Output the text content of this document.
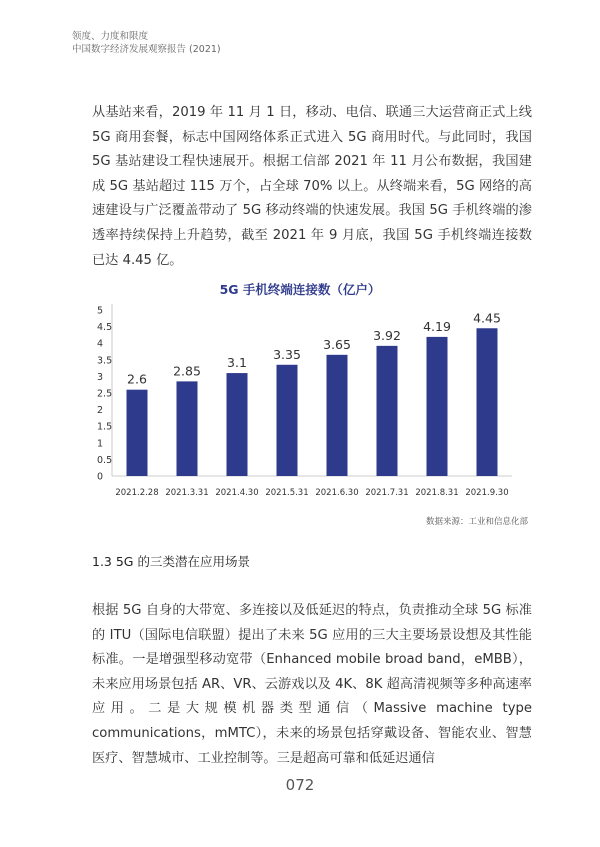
领度、力度和限度
中国数字经济发展观察报告 (2021)
从基站来看，2019 年 11 月 1 日，移动、电信、联通三大运营商正式上线 5G 商用套餐，标志中国网络体系正式进入 5G 商用时代。与此同时，我国 5G 基站建设工程快速展开。根据工信部 2021 年 11 月公布数据，我国建成 5G 基站超过 115 万个，占全球 70% 以上。从终端来看，5G 网络的高速建设与广泛覆盖带动了 5G 移动终端的快速发展。我国 5G 手机终端的渗透率持续保持上升趋势，截至 2021 年 9 月底，我国 5G 手机终端连接数已达 4.45 亿。
5G 手机终端连接数（亿户）
0
0.5
1
1.5
2
2.5
3
3.5
4
4.5
5
2.6
2021.2.28
2.85
2021.3.31
3.1
2021.4.30
3.35
2021.5.31
3.65
2021.6.30
3.92
2021.7.31
4.19
2021.8.31
4.45
2021.9.30
数据来源：工业和信息化部
1.3 5G 的三类潜在应用场景
根据 5G 自身的大带宽、多连接以及低延迟的特点，负责推动全球 5G 标准的 ITU（国际电信联盟）提出了未来 5G 应用的三大主要场景设想及其性能标准。一是增强型移动宽带（Enhanced mobile broad band，eMBB），未来应用场景包括 AR、VR、云游戏以及 4K、8K 超高清视频等多种高速率应用。二是大规模机器类型通信（Massive machine type communications，mMTC），未来的场景包括穿戴设备、智能农业、智慧医疗、智慧城市、工业控制等。三是超高可靠和低延迟通信
072
